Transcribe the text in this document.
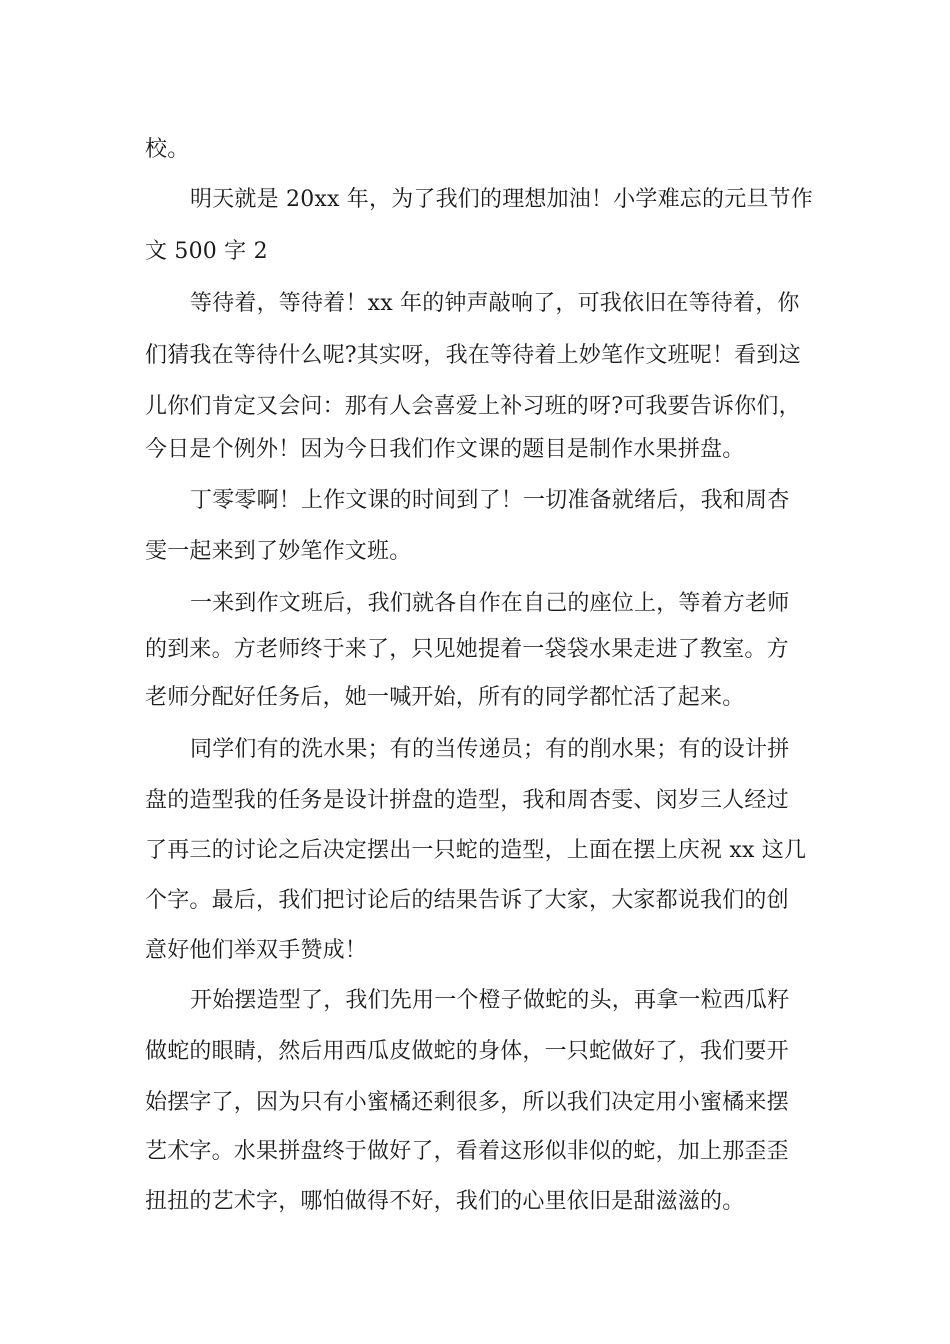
校。
明天就是 20xx 年，为了我们的理想加油！小学难忘的元旦节作
文 500 字 2
等待着，等待着！xx 年的钟声敲响了，可我依旧在等待着，你
们猜我在等待什么呢?其实呀，我在等待着上妙笔作文班呢！看到这
儿你们肯定又会问：那有人会喜爱上补习班的呀?可我要告诉你们，
今日是个例外！因为今日我们作文课的题目是制作水果拼盘。
丁零零啊！上作文课的时间到了！一切准备就绪后，我和周杏
雯一起来到了妙笔作文班。
一来到作文班后，我们就各自作在自己的座位上，等着方老师
的到来。方老师终于来了，只见她提着一袋袋水果走进了教室。方
老师分配好任务后，她一喊开始，所有的同学都忙活了起来。
同学们有的洗水果；有的当传递员；有的削水果；有的设计拼
盘的造型我的任务是设计拼盘的造型，我和周杏雯、闵岁三人经过
了再三的讨论之后决定摆出一只蛇的造型，上面在摆上庆祝 xx 这几
个字。最后，我们把讨论后的结果告诉了大家，大家都说我们的创
意好他们举双手赞成！
开始摆造型了，我们先用一个橙子做蛇的头，再拿一粒西瓜籽
做蛇的眼睛，然后用西瓜皮做蛇的身体，一只蛇做好了，我们要开
始摆字了，因为只有小蜜橘还剩很多，所以我们决定用小蜜橘来摆
艺术字。水果拼盘终于做好了，看着这形似非似的蛇，加上那歪歪
扭扭的艺术字，哪怕做得不好，我们的心里依旧是甜滋滋的。
